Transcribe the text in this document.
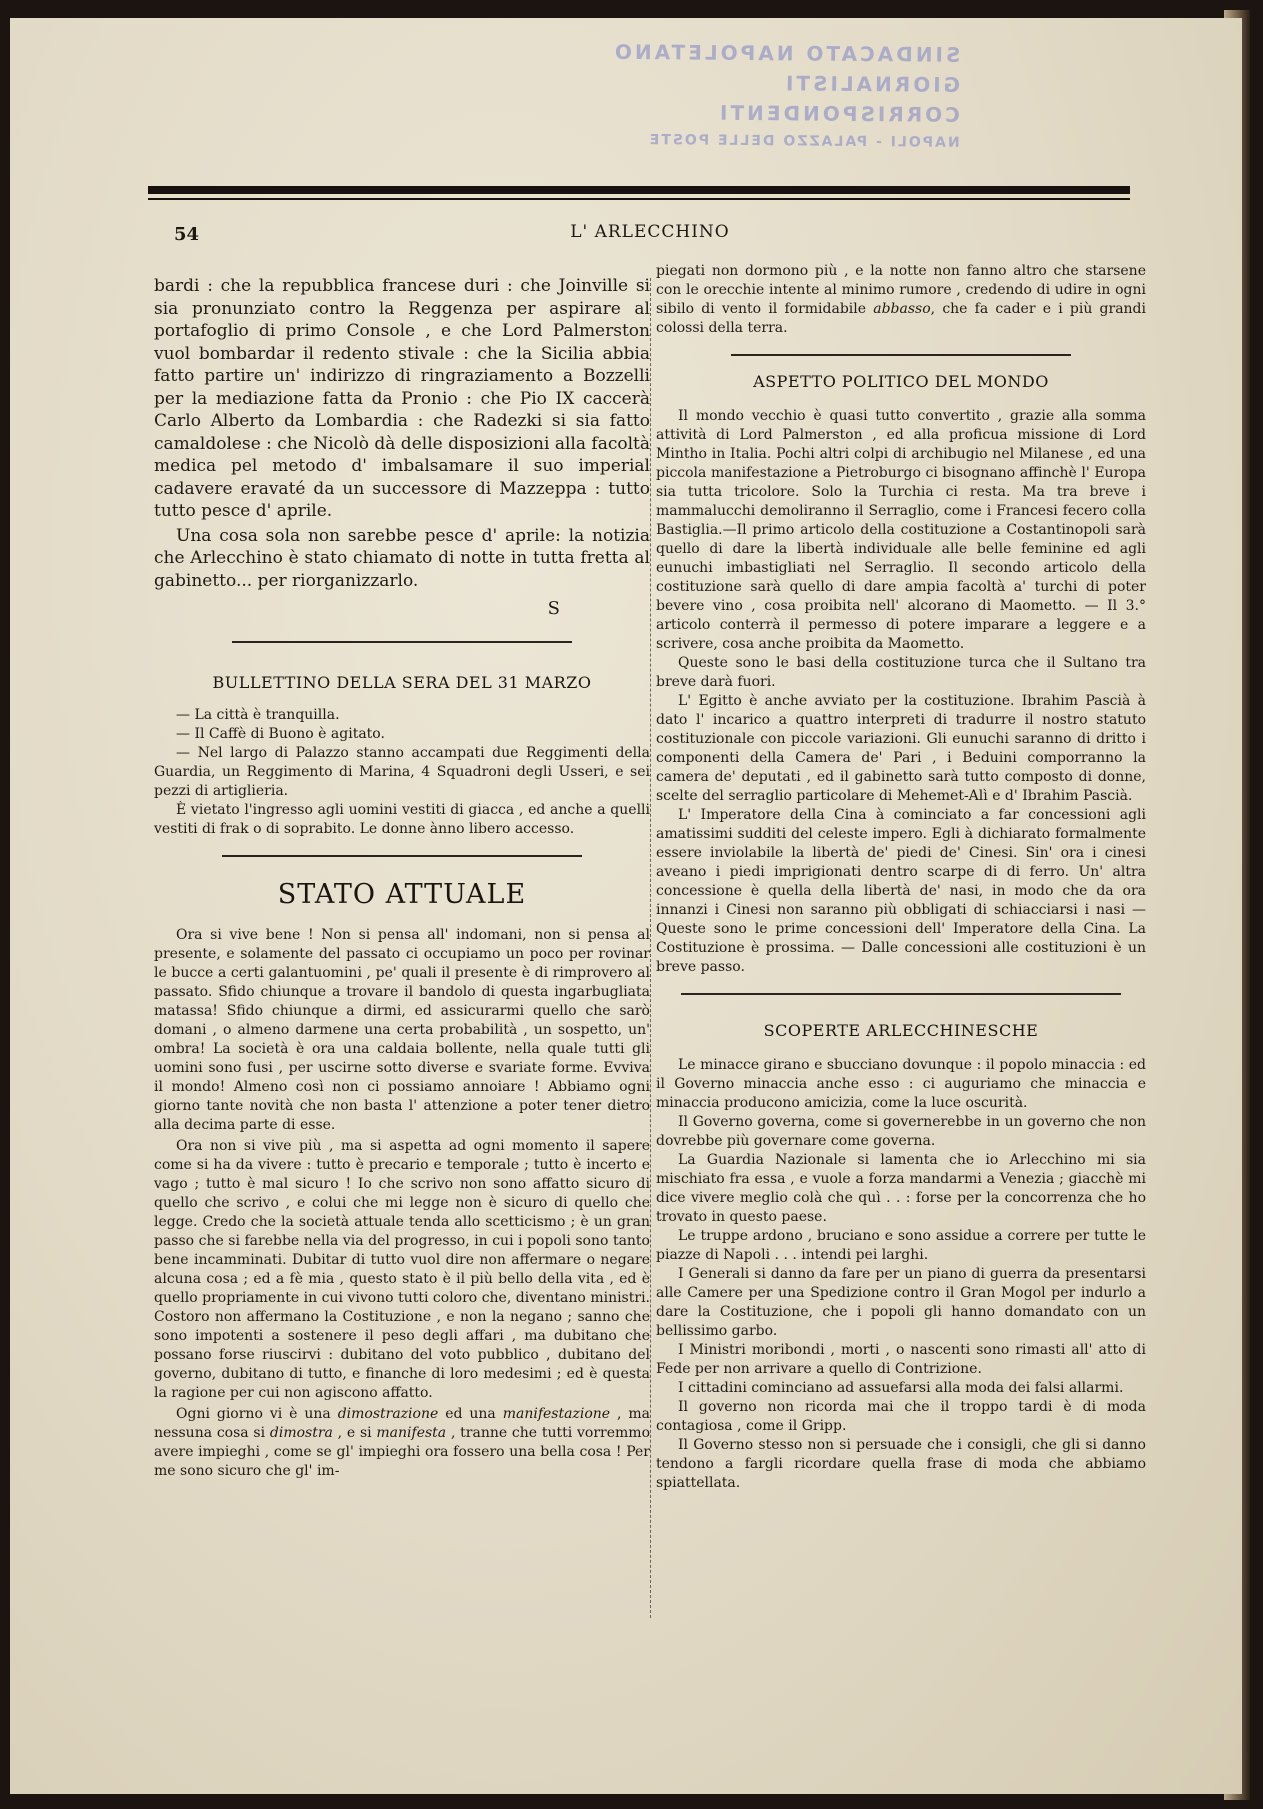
SINDACATO NAPOLETANO
GIORNALISTI CORRISPONDENTI
NAPOLI - PALAZZO DELLE POSTE
54	L' ARLECCHINO

bardi : che la repubblica francese duri : che Joinville si sia pronunziato contro la Reggenza per aspirare al portafoglio di primo Console , e che Lord Palmerston vuol bombardar il redento stivale : che la Sicilia abbia fatto partire un' indirizzo di ringraziamento a Bozzelli per la mediazione fatta da Pronio : che Pio IX caccerà Carlo Alberto da Lombardia : che Radezki si sia fatto camaldolese : che Nicolò dà delle disposizioni alla facoltà medica pel metodo d' imbalsamare il suo imperial cadavere eravaté da un successore di Mazzeppa : tutto tutto pesce d' aprile.

Una cosa sola non sarebbe pesce d' aprile: la notizia che Arlecchino è stato chiamato di notte in tutta fretta al gabinetto... per riorganizzarlo.

S
BULLETTINO DELLA SERA DEL 31 MARZO

— La città è tranquilla.

— Il Caffè di Buono è agitato.

— Nel largo di Palazzo stanno accampati due Reggimenti della Guardia, un Reggimento di Marina, 4 Squadroni degli Usseri, e sei pezzi di artiglieria.

È vietato l'ingresso agli uomini vestiti di giacca , ed anche a quelli vestiti di frak o di soprabito. Le donne ànno libero accesso.

STATO ATTUALE

Ora si vive bene ! Non si pensa all' indomani, non si pensa al presente, e solamente del passato ci occupiamo un poco per rovinar le bucce a certi galantuomini , pe' quali il presente è di rimprovero al passato. Sfido chiunque a trovare il bandolo di questa ingarbugliata matassa! Sfido chiunque a dirmi, ed assicurarmi quello che sarò domani , o almeno darmene una certa probabilità , un sospetto, un' ombra! La società è ora una caldaia bollente, nella quale tutti gli uomini sono fusi , per uscirne sotto diverse e svariate forme. Evviva il mondo! Almeno così non ci possiamo annoiare ! Abbiamo ogni giorno tante novità che non basta l' attenzione a poter tener dietro alla decima parte di esse.

Ora non si vive più , ma si aspetta ad ogni momento il sapere come si ha da vivere : tutto è precario e temporale ; tutto è incerto e vago ; tutto è mal sicuro ! Io che scrivo non sono affatto sicuro di quello che scrivo , e colui che mi legge non è sicuro di quello che legge. Credo che la società attuale tenda allo scetticismo ; è un gran passo che si farebbe nella via del progresso, in cui i popoli sono tanto bene incamminati. Dubitar di tutto vuol dire non affermare o negare alcuna cosa ; ed a fè mia , questo stato è il più bello della vita , ed è quello propriamente in cui vivono tutti coloro che, diventano ministri. Costoro non affermano la Costituzione , e non la negano ; sanno che sono impotenti a sostenere il peso degli affari , ma dubitano che possano forse riuscirvi : dubitano del voto pubblico , dubitano del governo, dubitano di tutto, e finanche di loro medesimi ; ed è questa la ragione per cui non agiscono affatto.

Ogni giorno vi è una dimostrazione ed una manifestazione , ma nessuna cosa si dimostra , e si manifesta , tranne che tutti vorremmo avere impieghi , come se gl' impieghi ora fossero una bella cosa ! Per me sono sicuro che gl' im-

piegati non dormono più , e la notte non fanno altro che starsene con le orecchie intente al minimo rumore , credendo di udire in ogni sibilo di vento il formidabile abbasso, che fa cader e i più grandi colossi della terra.

ASPETTO POLITICO DEL MONDO

Il mondo vecchio è quasi tutto convertito , grazie alla somma attività di Lord Palmerston , ed alla proficua missione di Lord Mintho in Italia. Pochi altri colpi di archibugio nel Milanese , ed una piccola manifestazione a Pietroburgo ci bisognano affinchè l' Europa sia tutta tricolore. Solo la Turchia ci resta. Ma tra breve i mammalucchi demoliranno il Serraglio, come i Francesi fecero colla Bastiglia.—Il primo articolo della costituzione a Costantinopoli sarà quello di dare la libertà individuale alle belle feminine ed agli eunuchi imbastigliati nel Serraglio. Il secondo articolo della costituzione sarà quello di dare ampia facoltà a' turchi di poter bevere vino , cosa proibita nell' alcorano di Maometto. — Il 3.° articolo conterrà il permesso di potere imparare a leggere e a scrivere, cosa anche proibita da Maometto.

Queste sono le basi della costituzione turca che il Sultano tra breve darà fuori.

L' Egitto è anche avviato per la costituzione. Ibrahim Pascià à dato l' incarico a quattro interpreti di tradurre il nostro statuto costituzionale con piccole variazioni. Gli eunuchi saranno di dritto i componenti della Camera de' Pari , i Beduini comporranno la camera de' deputati , ed il gabinetto sarà tutto composto di donne, scelte del serraglio particolare di Mehemet-Alì e d' Ibrahim Pascià.

L' Imperatore della Cina à cominciato a far concessioni agli amatissimi sudditi del celeste impero. Egli à dichiarato formalmente essere inviolabile la libertà de' piedi de' Cinesi. Sin' ora i cinesi aveano i piedi imprigionati dentro scarpe di di ferro. Un' altra concessione è quella della libertà de' nasi, in modo che da ora innanzi i Cinesi non saranno più obbligati di schiacciarsi i nasi — Queste sono le prime concessioni dell' Imperatore della Cina. La Costituzione è prossima. — Dalle concessioni alle costituzioni è un breve passo.

SCOPERTE ARLECCHINESCHE

Le minacce girano e sbucciano dovunque : il popolo minaccia : ed il Governo minaccia anche esso : ci auguriamo che minaccia e minaccia producono amicizia, come la luce oscurità.

Il Governo governa, come si governerebbe in un governo che non dovrebbe più governare come governa.

La Guardia Nazionale si lamenta che io Arlecchino mi sia mischiato fra essa , e vuole a forza mandarmi a Venezia ; giacchè mi dice vivere meglio colà che quì . . : forse per la concorrenza che ho trovato in questo paese.

Le truppe ardono , bruciano e sono assidue a correre per tutte le piazze di Napoli . . . intendi pei larghi.

I Generali si danno da fare per un piano di guerra da presentarsi alle Camere per una Spedizione contro il Gran Mogol per indurlo a dare la Costituzione, che i popoli gli hanno domandato con un bellissimo garbo.

I Ministri moribondi , morti , o nascenti sono rimasti all' atto di Fede per non arrivare a quello di Contrizione.

I cittadini cominciano ad assuefarsi alla moda dei falsi allarmi.

Il governo non ricorda mai che il troppo tardi è di moda contagiosa , come il Gripp.

Il Governo stesso non si persuade che i consigli, che gli si danno tendono a fargli ricordare quella frase di moda che abbiamo spiattellata.
